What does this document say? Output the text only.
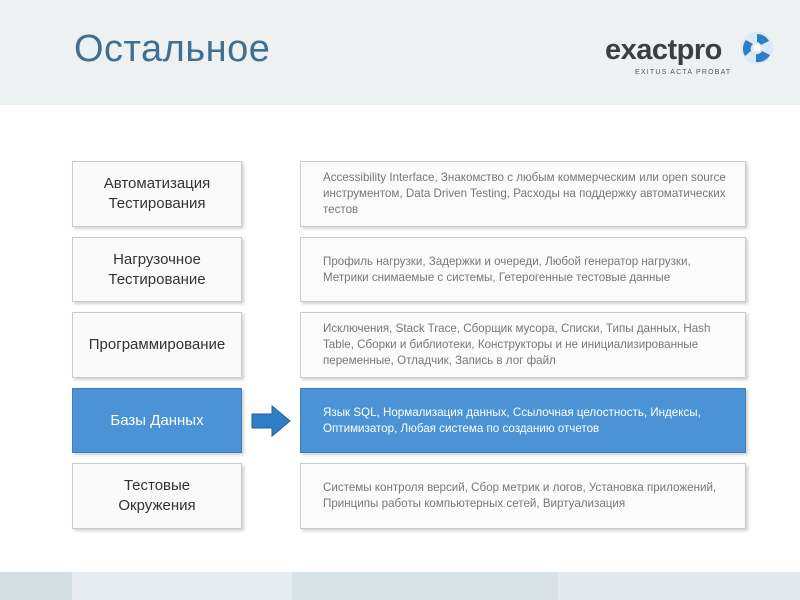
Остальное	exactpro
EXITUS ACTA PROBAT
Автоматизация
Тестирования
Accessibility Interface, Знакомство с любым коммерческим или open source инструментом, Data Driven Testing, Расходы на поддержку автоматических тестов
Нагрузочное
Тестирование
Профиль нагрузки, Задержки и очереди, Любой генератор нагрузки, Метрики снимаемые с системы, Гетерогенные тестовые данные
Программирование
Исключения, Stack Trace, Сборщик мусора, Списки, Типы данных, Hash Table, Сборки и библиотеки, Конструкторы и не инициализированные переменные, Отладчик, Запись в лог файл
Базы Данных	Язык SQL, Нормализация данных, Ссылочная целостность, Индексы, Оптимизатор, Любая система по созданию отчетов
Тестовые
Окружения
Системы контроля версий, Сбор метрик и логов, Установка приложений, Принципы работы компьютерных сетей, Виртуализация
